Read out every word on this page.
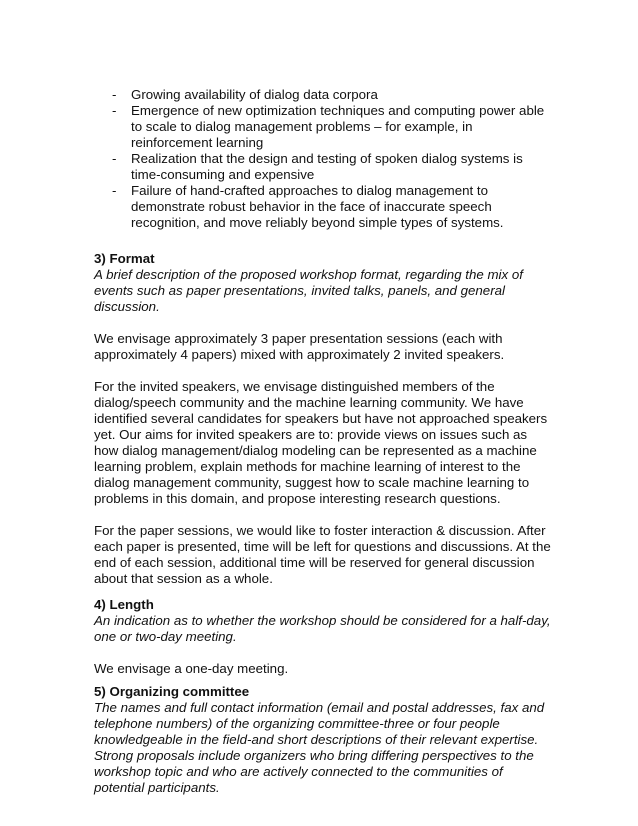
- Growing availability of dialog data corpora
- Emergence of new optimization techniques and computing power able to scale to dialog management problems – for example, in reinforcement learning
- Realization that the design and testing of spoken dialog systems is time-consuming and expensive
- Failure of hand-crafted approaches to dialog management to demonstrate robust behavior in the face of inaccurate speech recognition, and move reliably beyond simple types of systems.
3) Format

A brief description of the proposed workshop format, regarding the mix of events such as paper presentations, invited talks, panels, and general discussion.

We envisage approximately 3 paper presentation sessions (each with approximately 4 papers) mixed with approximately 2 invited speakers.

For the invited speakers, we envisage distinguished members of the dialog/speech community and the machine learning community. We have identified several candidates for speakers but have not approached speakers yet. Our aims for invited speakers are to: provide views on issues such as how dialog management/dialog modeling can be represented as a machine learning problem, explain methods for machine learning of interest to the dialog management community, suggest how to scale machine learning to problems in this domain, and propose interesting research questions.

For the paper sessions, we would like to foster interaction & discussion. After each paper is presented, time will be left for questions and discussions. At the end of each session, additional time will be reserved for general discussion about that session as a whole.

4) Length

An indication as to whether the workshop should be considered for a half-day, one or two-day meeting.

We envisage a one-day meeting.

5) Organizing committee

The names and full contact information (email and postal addresses, fax and telephone numbers) of the organizing committee-three or four people knowledgeable in the field-and short descriptions of their relevant expertise. Strong proposals include organizers who bring differing perspectives to the workshop topic and who are actively connected to the communities of potential participants.
